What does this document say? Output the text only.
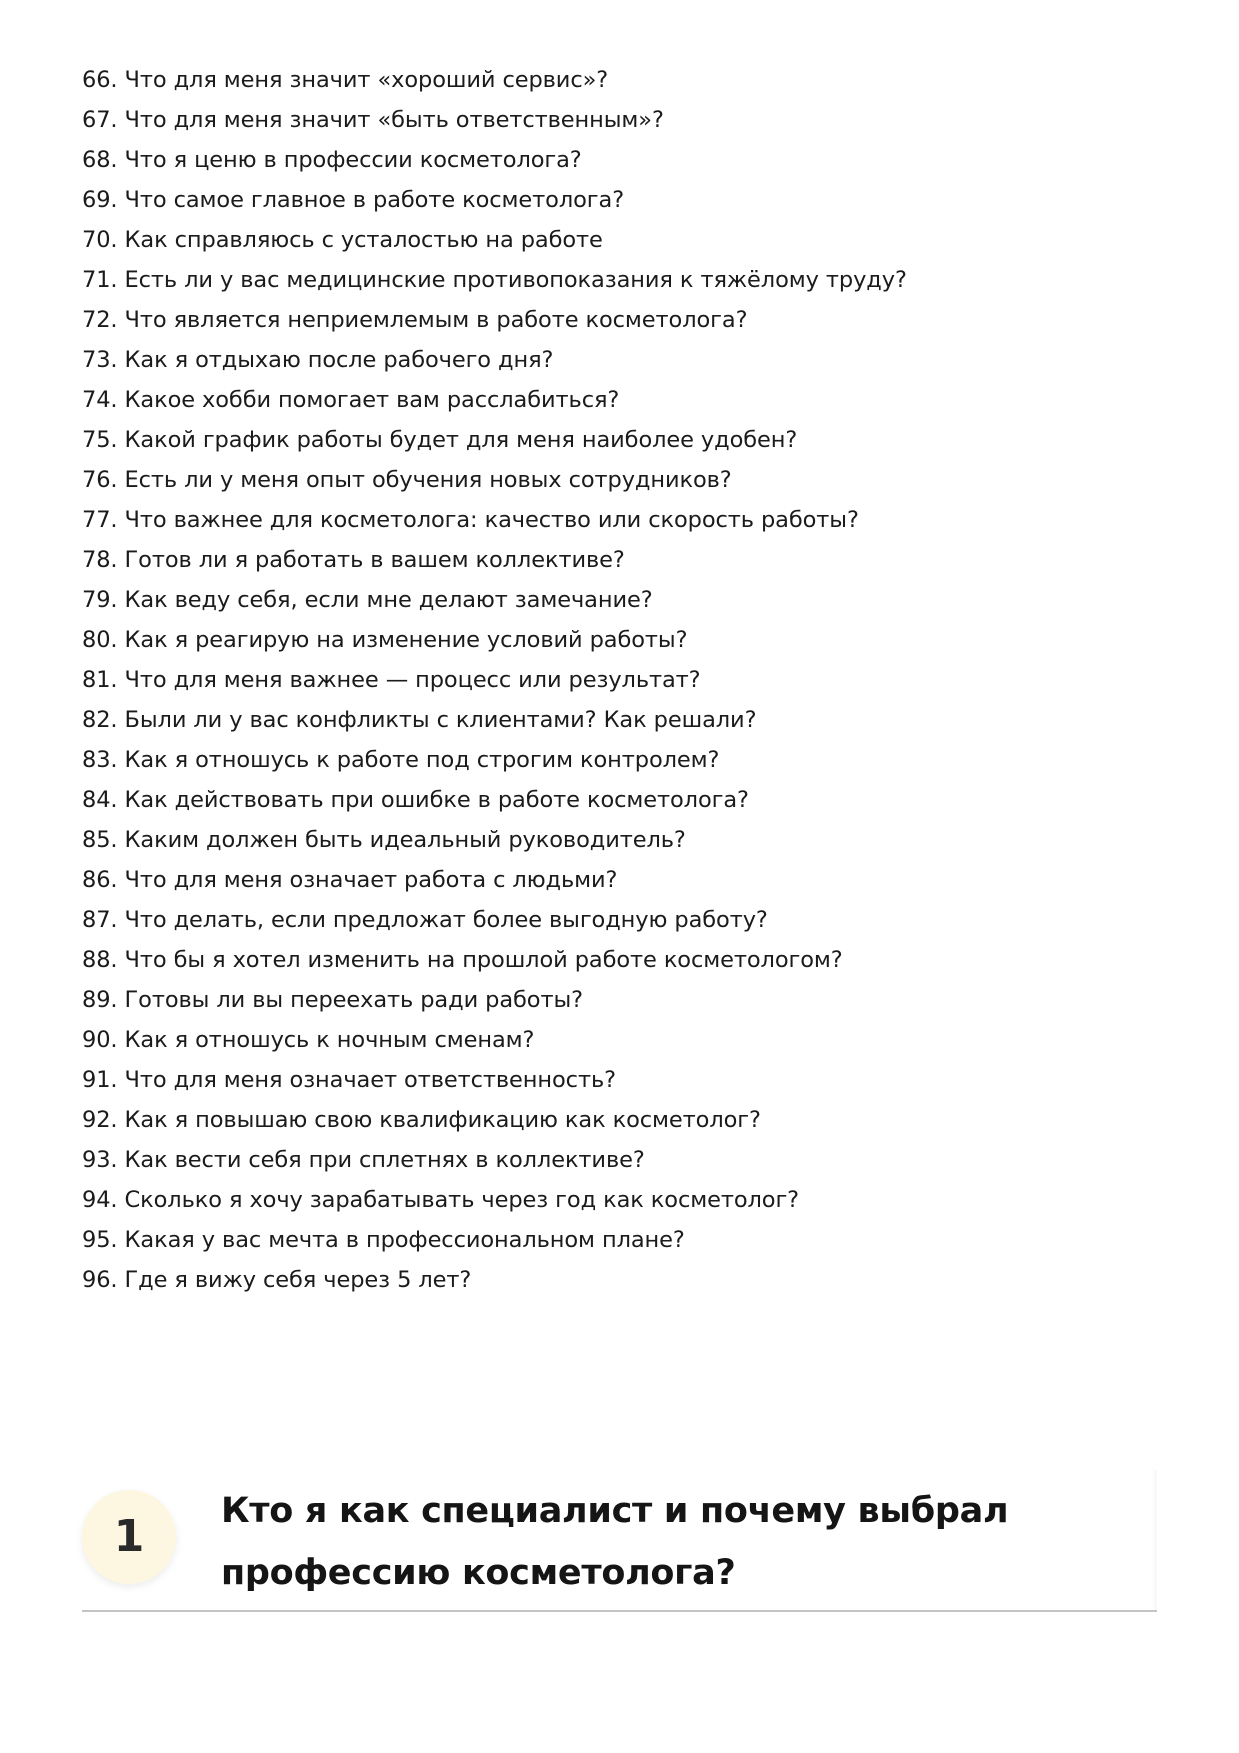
66. Что для меня значит «хороший сервис»?
67. Что для меня значит «быть ответственным»?
68. Что я ценю в профессии косметолога?
69. Что самое главное в работе косметолога?
70. Как справляюсь с усталостью на работе
71. Есть ли у вас медицинские противопоказания к тяжёлому труду?
72. Что является неприемлемым в работе косметолога?
73. Как я отдыхаю после рабочего дня?
74. Какое хобби помогает вам расслабиться?
75. Какой график работы будет для меня наиболее удобен?
76. Есть ли у меня опыт обучения новых сотрудников?
77. Что важнее для косметолога: качество или скорость работы?
78. Готов ли я работать в вашем коллективе?
79. Как веду себя, если мне делают замечание?
80. Как я реагирую на изменение условий работы?
81. Что для меня важнее — процесс или результат?
82. Были ли у вас конфликты с клиентами? Как решали?
83. Как я отношусь к работе под строгим контролем?
84. Как действовать при ошибке в работе косметолога?
85. Каким должен быть идеальный руководитель?
86. Что для меня означает работа с людьми?
87. Что делать, если предложат более выгодную работу?
88. Что бы я хотел изменить на прошлой работе косметологом?
89. Готовы ли вы переехать ради работы?
90. Как я отношусь к ночным сменам?
91. Что для меня означает ответственность?
92. Как я повышаю свою квалификацию как косметолог?
93. Как вести себя при сплетнях в коллективе?
94. Сколько я хочу зарабатывать через год как косметолог?
95. Какая у вас мечта в профессиональном плане?
96. Где я вижу себя через 5 лет?
1	Кто я как специалист и почему выбрал профессию косметолога?
